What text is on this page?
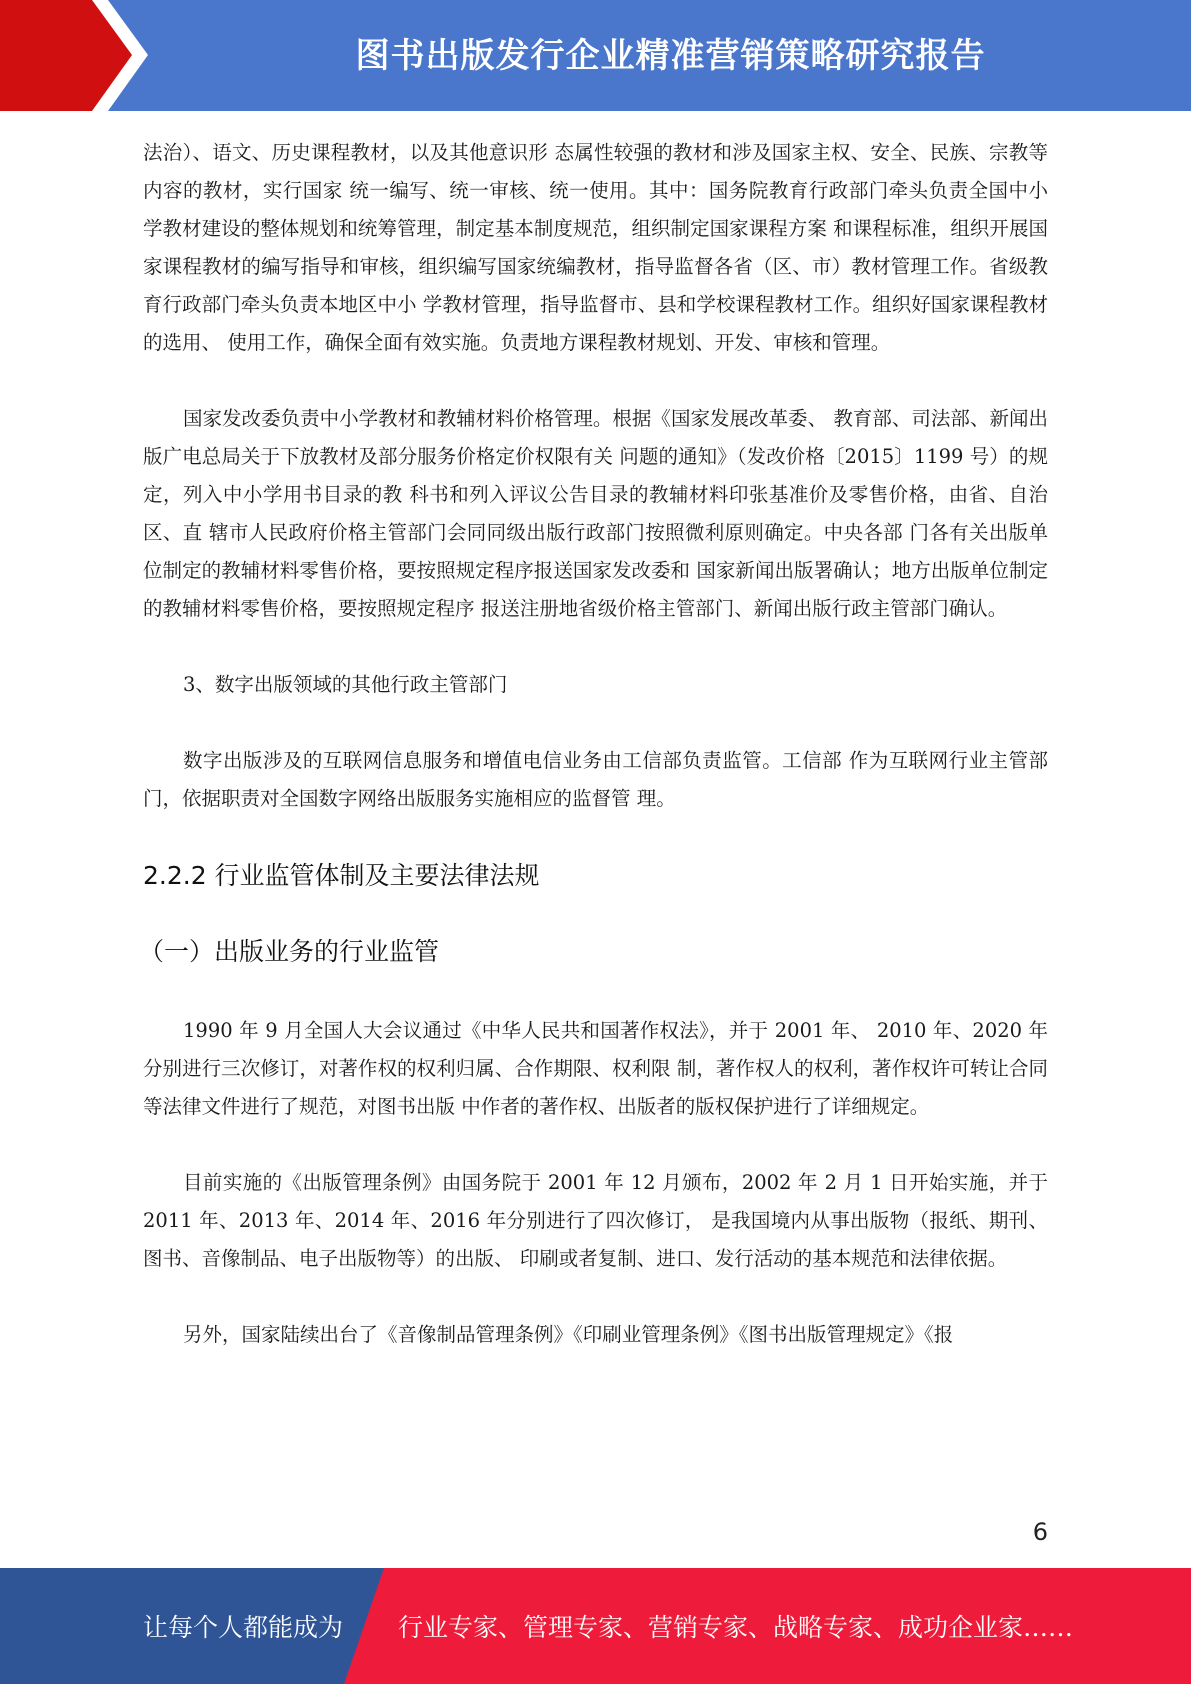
图书出版发行企业精准营销策略研究报告

法治）、语文、历史课程教材，以及其他意识形 态属性较强的教材和涉及国家主权、安全、民族、宗教等内容的教材，实行国家 统一编写、统一审核、统一使用。其中：国务院教育行政部门牵头负责全国中小 学教材建设的整体规划和统筹管理，制定基本制度规范，组织制定国家课程方案 和课程标准，组织开展国家课程教材的编写指导和审核，组织编写国家统编教材，指导监督各省（区、市）教材管理工作。省级教育行政部门牵头负责本地区中小 学教材管理，指导监督市、县和学校课程教材工作。组织好国家课程教材的选用、 使用工作，确保全面有效实施。负责地方课程教材规划、开发、审核和管理。

国家发改委负责中小学教材和教辅材料价格管理。根据《国家发展改革委、 教育部、司法部、新闻出版广电总局关于下放教材及部分服务价格定价权限有关 问题的通知》（发改价格〔2015〕1199 号）的规定，列入中小学用书目录的教 科书和列入评议公告目录的教辅材料印张基准价及零售价格，由省、自治区、直 辖市人民政府价格主管部门会同同级出版行政部门按照微利原则确定。中央各部 门各有关出版单位制定的教辅材料零售价格，要按照规定程序报送国家发改委和 国家新闻出版署确认；地方出版单位制定的教辅材料零售价格，要按照规定程序 报送注册地省级价格主管部门、新闻出版行政主管部门确认。

3、数字出版领域的其他行政主管部门

数字出版涉及的互联网信息服务和增值电信业务由工信部负责监管。工信部 作为互联网行业主管部门，依据职责对全国数字网络出版服务实施相应的监督管 理。

2.2.2 行业监管体制及主要法律法规
（一）出版业务的行业监管

1990 年 9 月全国人大会议通过《中华人民共和国著作权法》，并于 2001 年、 2010 年、2020 年分别进行三次修订，对著作权的权利归属、合作期限、权利限 制，著作权人的权利，著作权许可转让合同等法律文件进行了规范，对图书出版 中作者的著作权、出版者的版权保护进行了详细规定。

目前实施的《出版管理条例》由国务院于 2001 年 12 月颁布，2002 年 2 月 1 日开始实施，并于 2011 年、2013 年、2014 年、2016 年分别进行了四次修订， 是我国境内从事出版物（报纸、期刊、图书、音像制品、电子出版物等）的出版、 印刷或者复制、进口、发行活动的基本规范和法律依据。

另外，国家陆续出台了《音像制品管理条例》《印刷业管理条例》《图书出版管理规定》《报

6
让每个人都能成为 行业专家、管理专家、营销专家、战略专家、成功企业家……
